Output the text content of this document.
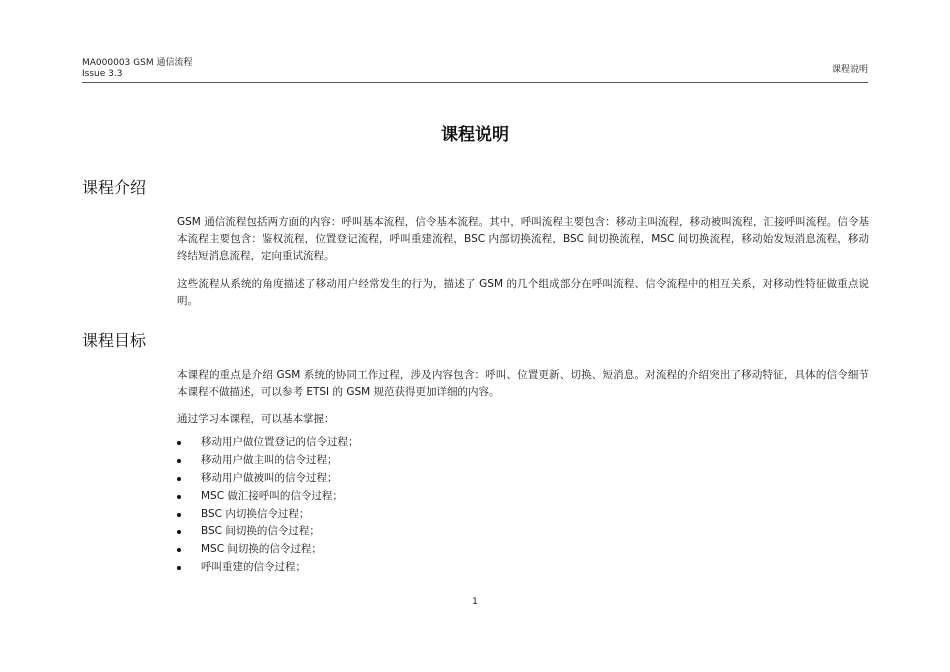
MA000003 GSM 通信流程
Issue 3.3	课程说明
课程说明
课程介绍
GSM 通信流程包括两方面的内容：呼叫基本流程，信令基本流程。其中，呼叫流程主要包含：移动主叫流程，移动被叫流程，汇接呼叫流程。信令基本流程主要包含：鉴权流程，位置登记流程，呼叫重建流程，BSC 内部切换流程，BSC 间切换流程，MSC 间切换流程，移动始发短消息流程，移动终结短消息流程，定向重试流程。
这些流程从系统的角度描述了移动用户经常发生的行为，描述了 GSM 的几个组成部分在呼叫流程、信令流程中的相互关系，对移动性特征做重点说明。
课程目标
本课程的重点是介绍 GSM 系统的协同工作过程，涉及内容包含：呼叫、位置更新、切换、短消息。对流程的介绍突出了移动特征，具体的信令细节本课程不做描述，可以参考 ETSI 的 GSM 规范获得更加详细的内容。
通过学习本课程，可以基本掌握：
移动用户做位置登记的信令过程；
移动用户做主叫的信令过程；
移动用户做被叫的信令过程；
MSC 做汇接呼叫的信令过程；
BSC 内切换信令过程；
BSC 间切换的信令过程；
MSC 间切换的信令过程；
呼叫重建的信令过程；
1
